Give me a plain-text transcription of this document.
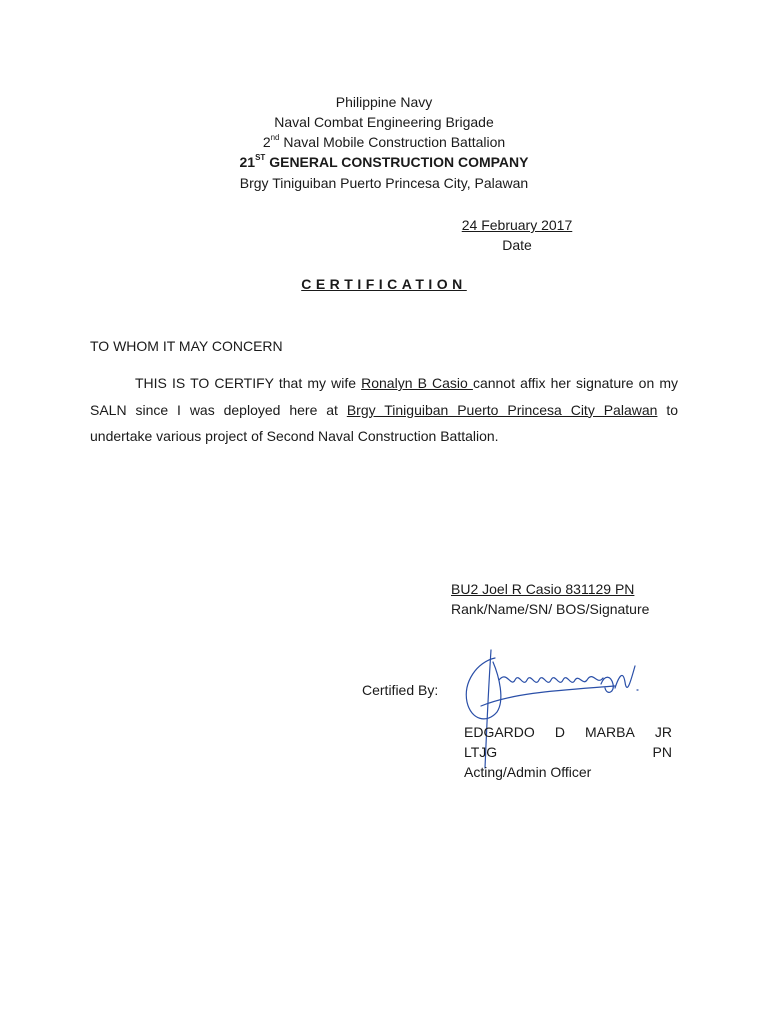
Philippine Navy
Naval Combat Engineering Brigade
2nd Naval Mobile Construction Battalion
21ST GENERAL CONSTRUCTION COMPANY
Brgy Tiniguiban Puerto Princesa City, Palawan
24 February 2017
Date
CERTIFICATION
TO WHOM IT MAY CONCERN
THIS IS TO CERTIFY that my wife Ronalyn B Casio cannot affix her signature on my SALN since I was deployed here at Brgy Tiniguiban Puerto Princesa City Palawan to undertake various project of Second Naval Construction Battalion.
BU2 Joel R Casio 831129 PN
Rank/Name/SN/ BOS/Signature
Certified By:
EDGARDO D MARBA JR
LTJG	PN
Acting/Admin Officer
